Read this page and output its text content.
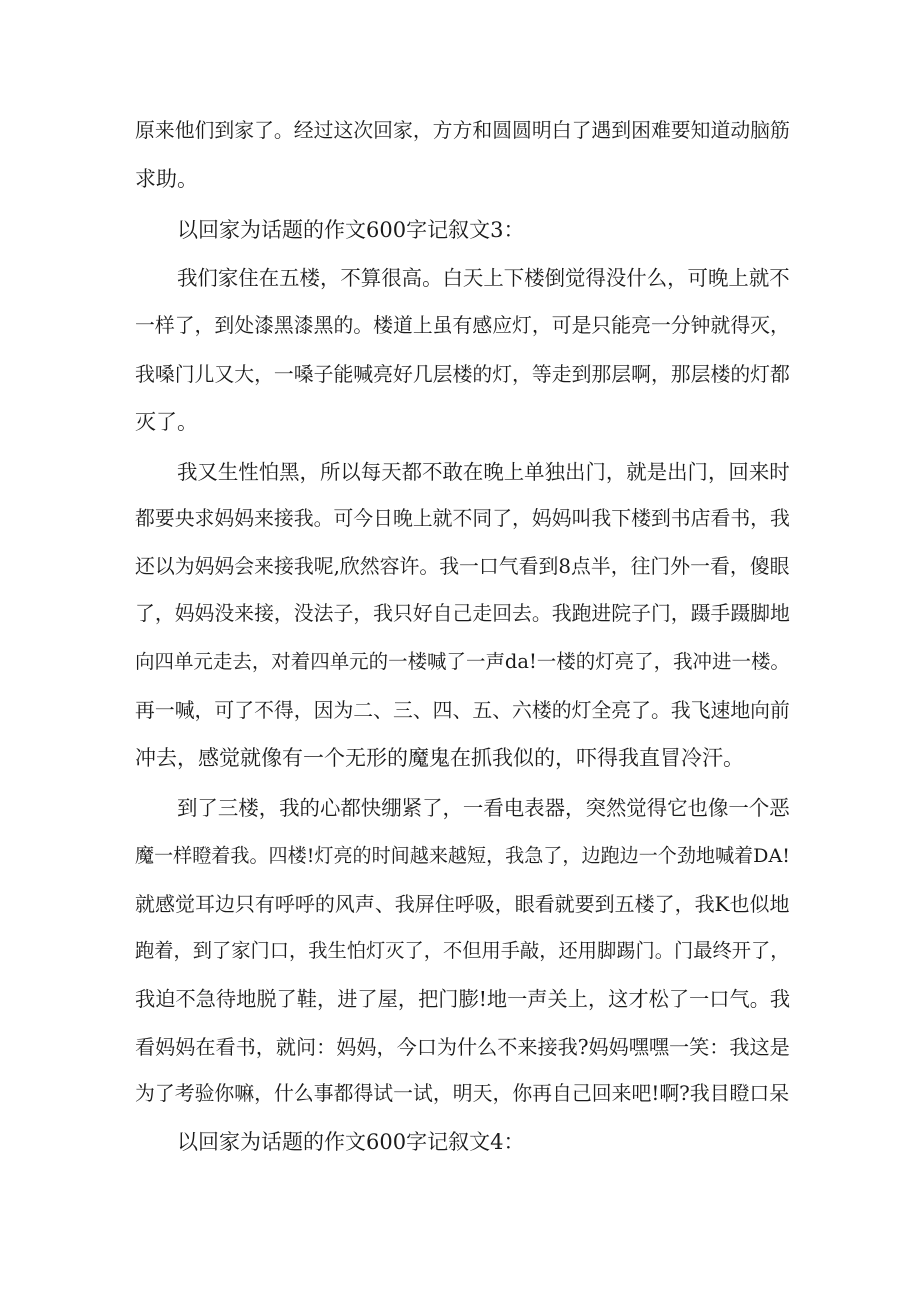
原来他们到家了。经过这次回家，方方和圆圆明白了遇到困难要知道动脑筋

求助。

以回家为话题的作文600字记叙文3：

我们家住在五楼，不算很高。白天上下楼倒觉得没什么，可晚上就不

一样了，到处漆黑漆黑的。楼道上虽有感应灯，可是只能亮一分钟就得灭，

我嗓门儿又大，一嗓子能喊亮好几层楼的灯，等走到那层啊，那层楼的灯都

灭了。

我又生性怕黑，所以每天都不敢在晚上单独出门，就是出门，回来时

都要央求妈妈来接我。可今日晚上就不同了，妈妈叫我下楼到书店看书，我

还以为妈妈会来接我呢,欣然容许。我一口气看到8点半，往门外一看，傻眼

了，妈妈没来接，没法子，我只好自己走回去。我跑进院子门，蹑手蹑脚地

向四单元走去，对着四单元的一楼喊了一声da!一楼的灯亮了，我冲进一楼。

再一喊，可了不得，因为二、三、四、五、六楼的灯全亮了。我飞速地向前

冲去，感觉就像有一个无形的魔鬼在抓我似的，吓得我直冒冷汗。

到了三楼，我的心都快绷紧了，一看电表器，突然觉得它也像一个恶

魔一样瞪着我。四楼!灯亮的时间越来越短，我急了，边跑边一个劲地喊着DA!

就感觉耳边只有呼呼的风声、我屏住呼吸，眼看就要到五楼了，我K也似地

跑着，到了家门口，我生怕灯灭了，不但用手敲，还用脚踢门。门最终开了，

我迫不急待地脱了鞋，进了屋，把门膨!地一声关上，这才松了一口气。我

看妈妈在看书，就问：妈妈，今口为什么不来接我?妈妈嘿嘿一笑：我这是

为了考验你嘛，什么事都得试一试，明天，你再自己回来吧!啊?我目瞪口呆

以回家为话题的作文600字记叙文4：
